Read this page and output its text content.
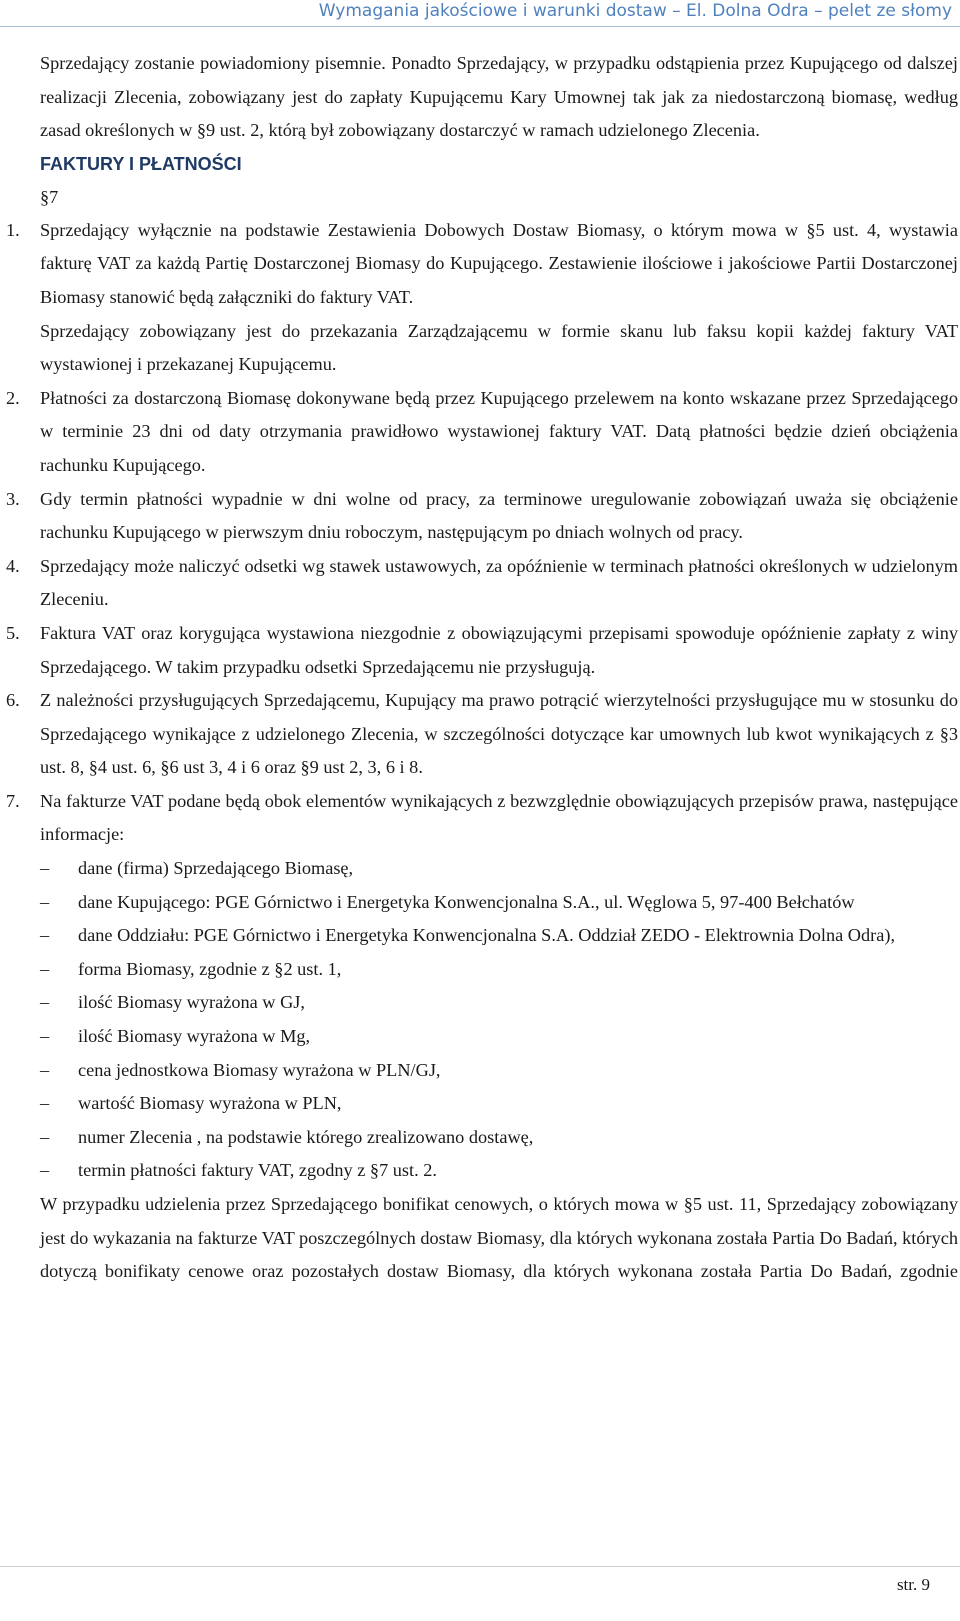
Wymagania jakościowe i warunki dostaw – El. Dolna Odra – pelet ze słomy

Sprzedający zostanie powiadomiony pisemnie. Ponadto Sprzedający, w przypadku odstąpienia przez Kupującego od dalszej realizacji Zlecenia, zobowiązany jest do zapłaty Kupującemu Kary Umownej tak jak za niedostarczoną biomasę, według zasad określonych w §9 ust. 2, którą był zobowiązany dostarczyć w ramach udzielonego Zlecenia.

FAKTURY I PŁATNOŚCI

§7

1.	Sprzedający wyłącznie na podstawie Zestawienia Dobowych Dostaw Biomasy, o którym mowa w §5 ust. 4, wystawia fakturę VAT za każdą Partię Dostarczonej Biomasy do Kupującego. Zestawienie ilościowe i jakościowe Partii Dostarczonej Biomasy stanowić będą załączniki do faktury VAT.

Sprzedający zobowiązany jest do przekazania Zarządzającemu w formie skanu lub faksu kopii każdej faktury VAT wystawionej i przekazanej Kupującemu.

2.	Płatności za dostarczoną Biomasę dokonywane będą przez Kupującego przelewem na konto wskazane przez Sprzedającego w terminie 23 dni od daty otrzymania prawidłowo wystawionej faktury VAT. Datą płatności będzie dzień obciążenia rachunku Kupującego.

3.	Gdy termin płatności wypadnie w dni wolne od pracy, za terminowe uregulowanie zobowiązań uważa się obciążenie rachunku Kupującego w pierwszym dniu roboczym, następującym po dniach wolnych od pracy.

4.	Sprzedający może naliczyć odsetki wg stawek ustawowych, za opóźnienie w terminach płatności określonych w udzielonym Zleceniu.

5.	Faktura VAT oraz korygująca wystawiona niezgodnie z obowiązującymi przepisami spowoduje opóźnienie zapłaty z winy Sprzedającego. W takim przypadku odsetki Sprzedającemu nie przysługują.

6.	Z należności przysługujących Sprzedającemu, Kupujący ma prawo potrącić wierzytelności przysługujące mu w stosunku do Sprzedającego wynikające z udzielonego Zlecenia, w szczególności dotyczące kar umownych lub kwot wynikających z §3 ust. 8, §4 ust. 6, §6 ust 3, 4 i 6 oraz §9 ust 2, 3, 6 i 8.

7.	Na fakturze VAT podane będą obok elementów wynikających z bezwzględnie obowiązujących przepisów prawa, następujące informacje:

– dane (firma) Sprzedającego Biomasę,
– dane Kupującego: PGE Górnictwo i Energetyka Konwencjonalna S.A., ul. Węglowa 5, 97-400 Bełchatów
– dane Oddziału: PGE Górnictwo i Energetyka Konwencjonalna S.A. Oddział ZEDO - Elektrownia Dolna Odra),
– forma Biomasy, zgodnie z §2 ust. 1,
– ilość Biomasy wyrażona w GJ,
– ilość Biomasy wyrażona w Mg,
– cena jednostkowa Biomasy wyrażona w PLN/GJ,
– wartość Biomasy wyrażona w PLN,
– numer Zlecenia , na podstawie którego zrealizowano dostawę,
– termin płatności faktury VAT, zgodny z §7 ust. 2.

W przypadku udzielenia przez Sprzedającego bonifikat cenowych, o których mowa w §5 ust. 11, Sprzedający zobowiązany jest do wykazania na fakturze VAT poszczególnych dostaw Biomasy, dla których wykonana została Partia Do Badań, których dotyczą bonifikaty cenowe oraz pozostałych dostaw Biomasy, dla których wykonana została Partia Do Badań, zgodnie

str. 9
